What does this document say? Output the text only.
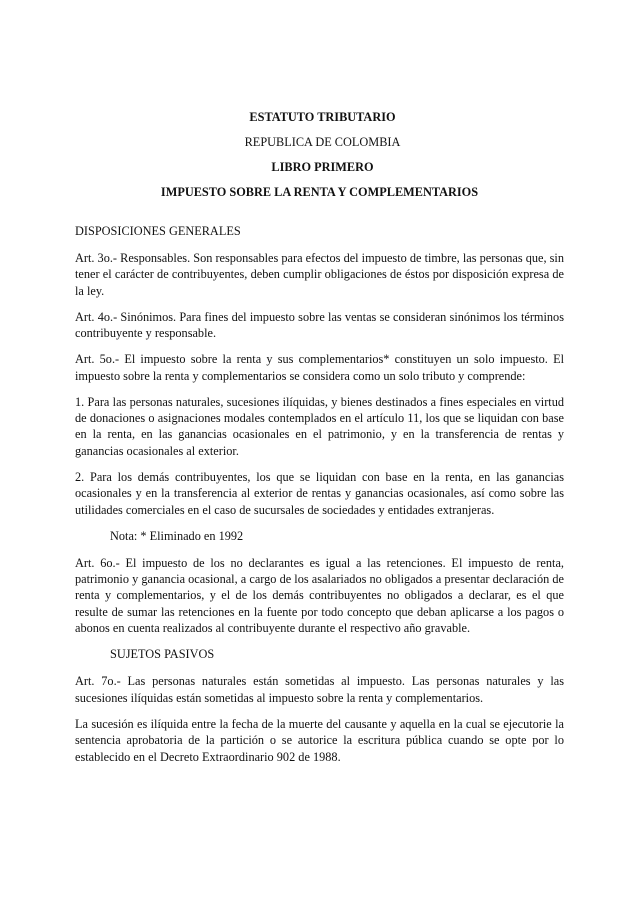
ESTATUTO TRIBUTARIO
REPUBLICA DE COLOMBIA
LIBRO PRIMERO
IMPUESTO SOBRE LA RENTA Y COMPLEMENTARIOS
DISPOSICIONES GENERALES

Art. 3o.- Responsables. Son responsables para efectos del impuesto de timbre, las personas que, sin tener el carácter de contribuyentes, deben cumplir obligaciones de éstos por disposición expresa de la ley.

Art. 4o.- Sinónimos. Para fines del impuesto sobre las ventas se consideran sinónimos los términos contribuyente y responsable.

Art. 5o.- El impuesto sobre la renta y sus complementarios* constituyen un solo impuesto. El impuesto sobre la renta y complementarios se considera como un solo tributo y comprende:

1. Para las personas naturales, sucesiones ilíquidas, y bienes destinados a fines especiales en virtud de donaciones o asignaciones modales contemplados en el artículo 11, los que se liquidan con base en la renta, en las ganancias ocasionales en el patrimonio, y en la transferencia de rentas y ganancias ocasionales al exterior.

2. Para los demás contribuyentes, los que se liquidan con base en la renta, en las ganancias ocasionales y en la transferencia al exterior de rentas y ganancias ocasionales, así como sobre las utilidades comerciales en el caso de sucursales de sociedades y entidades extranjeras.

Nota: * Eliminado en 1992

Art. 6o.- El impuesto de los no declarantes es igual a las retenciones. El impuesto de renta, patrimonio y ganancia ocasional, a cargo de los asalariados no obligados a presentar declaración de renta y complementarios, y el de los demás contribuyentes no obligados a declarar, es el que resulte de sumar las retenciones en la fuente por todo concepto que deban aplicarse a los pagos o abonos en cuenta realizados al contribuyente durante el respectivo año gravable.

SUJETOS PASIVOS

Art. 7o.- Las personas naturales están sometidas al impuesto. Las personas naturales y las sucesiones ilíquidas están sometidas al impuesto sobre la renta y complementarios.

La sucesión es ilíquida entre la fecha de la muerte del causante y aquella en la cual se ejecutorie la sentencia aprobatoria de la partición o se autorice la escritura pública cuando se opte por lo establecido en el Decreto Extraordinario 902 de 1988.
